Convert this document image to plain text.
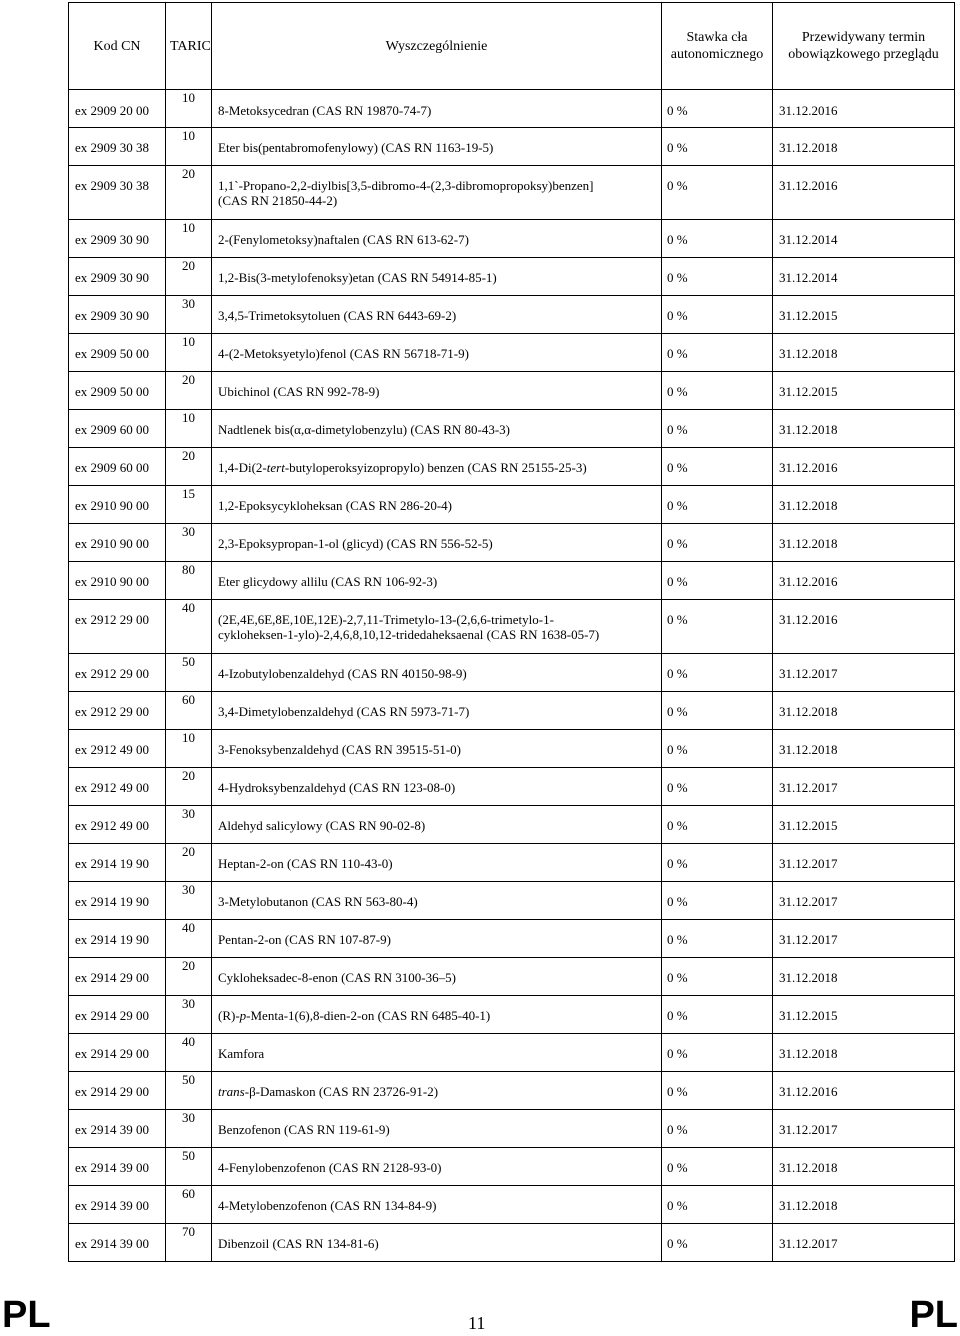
Kod CN	TARIC	Wyszczególnienie	Stawka cła autonomicznego	Przewidywany termin obowiązkowego przeglądu
ex 2909 20 00	10	8-Metoksycedran (CAS RN 19870-74-7)	0 %	31.12.2016
ex 2909 30 38	10	Eter bis(pentabromofenylowy) (CAS RN 1163-19-5)	0 %	31.12.2018
ex 2909 30 38	20	1,1`-Propano-2,2-diylbis[3,5-dibromo-4-(2,3-dibromopropoksy)benzen]
(CAS RN 21850-44-2)	0 %	31.12.2016
ex 2909 30 90	10	2-(Fenylometoksy)naftalen (CAS RN 613-62-7)	0 %	31.12.2014
ex 2909 30 90	20	1,2-Bis(3-metylofenoksy)etan (CAS RN 54914-85-1)	0 %	31.12.2014
ex 2909 30 90	30	3,4,5-Trimetoksytoluen (CAS RN 6443-69-2)	0 %	31.12.2015
ex 2909 50 00	10	4-(2-Metoksyetylo)fenol (CAS RN 56718-71-9)	0 %	31.12.2018
ex 2909 50 00	20	Ubichinol (CAS RN 992-78-9)	0 %	31.12.2015
ex 2909 60 00	10	Nadtlenek bis(α,α-dimetylobenzylu) (CAS RN 80-43-3)	0 %	31.12.2018
ex 2909 60 00	20	1,4-Di(2-tert-butyloperoksyizopropylo) benzen (CAS RN 25155-25-3)	0 %	31.12.2016
ex 2910 90 00	15	1,2-Epoksycykloheksan (CAS RN 286-20-4)	0 %	31.12.2018
ex 2910 90 00	30	2,3-Epoksypropan-1-ol (glicyd) (CAS RN 556-52-5)	0 %	31.12.2018
ex 2910 90 00	80	Eter glicydowy allilu (CAS RN 106-92-3)	0 %	31.12.2016
ex 2912 29 00	40	(2E,4E,6E,8E,10E,12E)-2,7,11-Trimetylo-13-(2,6,6-trimetylo-1-
cykloheksen-1-ylo)-2,4,6,8,10,12-tridedaheksaenal (CAS RN 1638-05-7)	0 %	31.12.2016
ex 2912 29 00	50	4-Izobutylobenzaldehyd (CAS RN 40150-98-9)	0 %	31.12.2017
ex 2912 29 00	60	3,4-Dimetylobenzaldehyd (CAS RN 5973-71-7)	0 %	31.12.2018
ex 2912 49 00	10	3-Fenoksybenzaldehyd (CAS RN 39515-51-0)	0 %	31.12.2018
ex 2912 49 00	20	4-Hydroksybenzaldehyd (CAS RN 123-08-0)	0 %	31.12.2017
ex 2912 49 00	30	Aldehyd salicylowy (CAS RN 90-02-8)	0 %	31.12.2015
ex 2914 19 90	20	Heptan-2-on (CAS RN 110-43-0)	0 %	31.12.2017
ex 2914 19 90	30	3-Metylobutanon (CAS RN 563-80-4)	0 %	31.12.2017
ex 2914 19 90	40	Pentan-2-on (CAS RN 107-87-9)	0 %	31.12.2017
ex 2914 29 00	20	Cykloheksadec-8-enon (CAS RN 3100-36–5)	0 %	31.12.2018
ex 2914 29 00	30	(R)-p-Menta-1(6),8-dien-2-on (CAS RN 6485-40-1)	0 %	31.12.2015
ex 2914 29 00	40	Kamfora	0 %	31.12.2018
ex 2914 29 00	50	trans-β-Damaskon (CAS RN 23726-91-2)	0 %	31.12.2016
ex 2914 39 00	30	Benzofenon (CAS RN 119-61-9)	0 %	31.12.2017
ex 2914 39 00	50	4-Fenylobenzofenon (CAS RN 2128-93-0)	0 %	31.12.2018
ex 2914 39 00	60	4-Metylobenzofenon (CAS RN 134-84-9)	0 %	31.12.2018
ex 2914 39 00	70	Dibenzoil (CAS RN 134-81-6)	0 %	31.12.2017
PL	11	PL
